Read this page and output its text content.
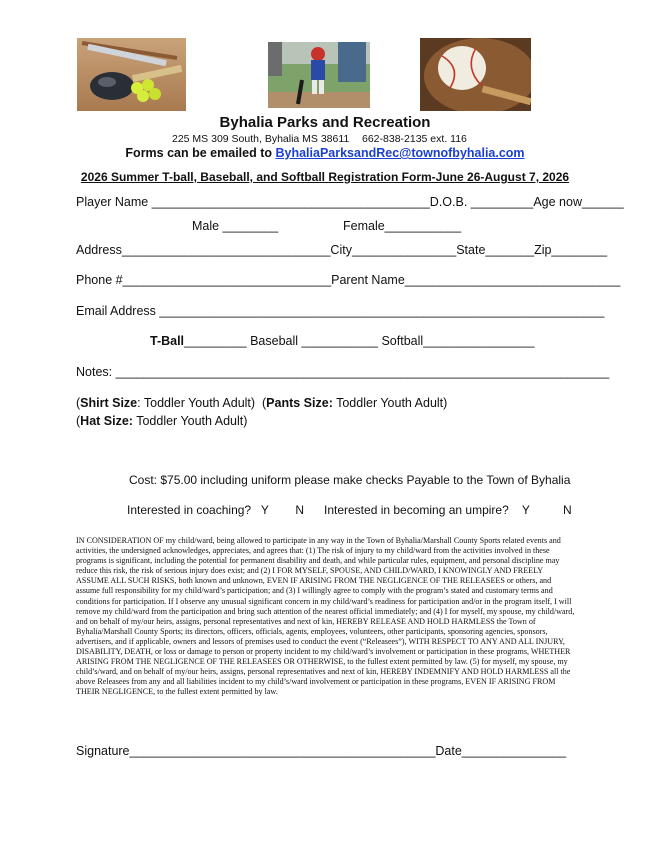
Byhalia Parks and Recreation
225 MS 309 South, Byhalia MS 38611 662-838-2135 ext. 116
Forms can be emailed to ByhaliaParksandRec@townofbyhalia.com
2026 Summer T-ball, Baseball, and Softball Registration Form-June 26-August 7, 2026
Player Name ________________________________________D.O.B. _________Age now______
Male ________	Female___________
Address______________________________City_______________State_______Zip________
Phone #______________________________Parent Name_______________________________
Email Address ________________________________________________________________
T-Ball_________ Baseball ___________ Softball________________
Notes: _______________________________________________________________________
(Shirt Size: Toddler Youth Adult)  (Pants Size: Toddler Youth Adult)
(Hat Size: Toddler Youth Adult)
Cost: $75.00 including uniform please make checks Payable to the Town of Byhalia
Interested in coaching?   Y        N      Interested in becoming an umpire?    Y          N
IN CONSIDERATION OF my child/ward, being allowed to participate in any way in the Town of Byhalia/Marshall County Sports related events and activities, the undersigned acknowledges, appreciates, and agrees that: (1) The risk of injury to my child/ward from the activities involved in these programs is significant, including the potential for permanent disability and death, and while particular rules, equipment, and personal discipline may reduce this risk, the risk of serious injury does exist; and (2) I FOR MYSELF, SPOUSE, AND CHILD/WARD, I KNOWINGLY AND FREELY ASSUME ALL SUCH RISKS, both known and unknown, EVEN IF ARISING FROM THE NEGLIGENCE OF THE RELEASEES or others, and assume full responsibility for my child/ward’s participation; and (3) I willingly agree to comply with the program’s stated and customary terms and conditions for participation. If I observe any unusual significant concern in my child/ward’s readiness for participation and/or in the program itself, I will remove my child/ward from the participation and bring such attention of the nearest official immediately; and (4) I for myself, my spouse, my child/ward, and on behalf of my/our heirs, assigns, personal representatives and next of kin, HEREBY RELEASE AND HOLD HARMLESS the Town of Byhalia/Marshall County Sports; its directors, officers, officials, agents, employees, volunteers, other participants, sponsoring agencies, sponsors, advertisers, and if applicable, owners and lessors of premises used to conduct the event (“Releasees”), WITH RESPECT TO ANY AND ALL INJURY, DISABILITY, DEATH, or loss or damage to person or property incident to my child/ward’s involvement or participation in these programs, WHETHER ARISING FROM THE NEGLIGENCE OF THE RELEASEES OR OTHERWISE, to the fullest extent permitted by law. (5) for myself, my spouse, my child’s/ward, and on behalf of my/our heirs, assigns, personal representatives and next of kin, HEREBY INDEMNIFY AND HOLD HARMLESS all the above Releasees from any and all liabilities incident to my child’s/ward involvement or participation in these programs, EVEN IF ARISING FROM THEIR NEGLIGENCE, to the fullest extent permitted by law.
Signature____________________________________________Date_______________
